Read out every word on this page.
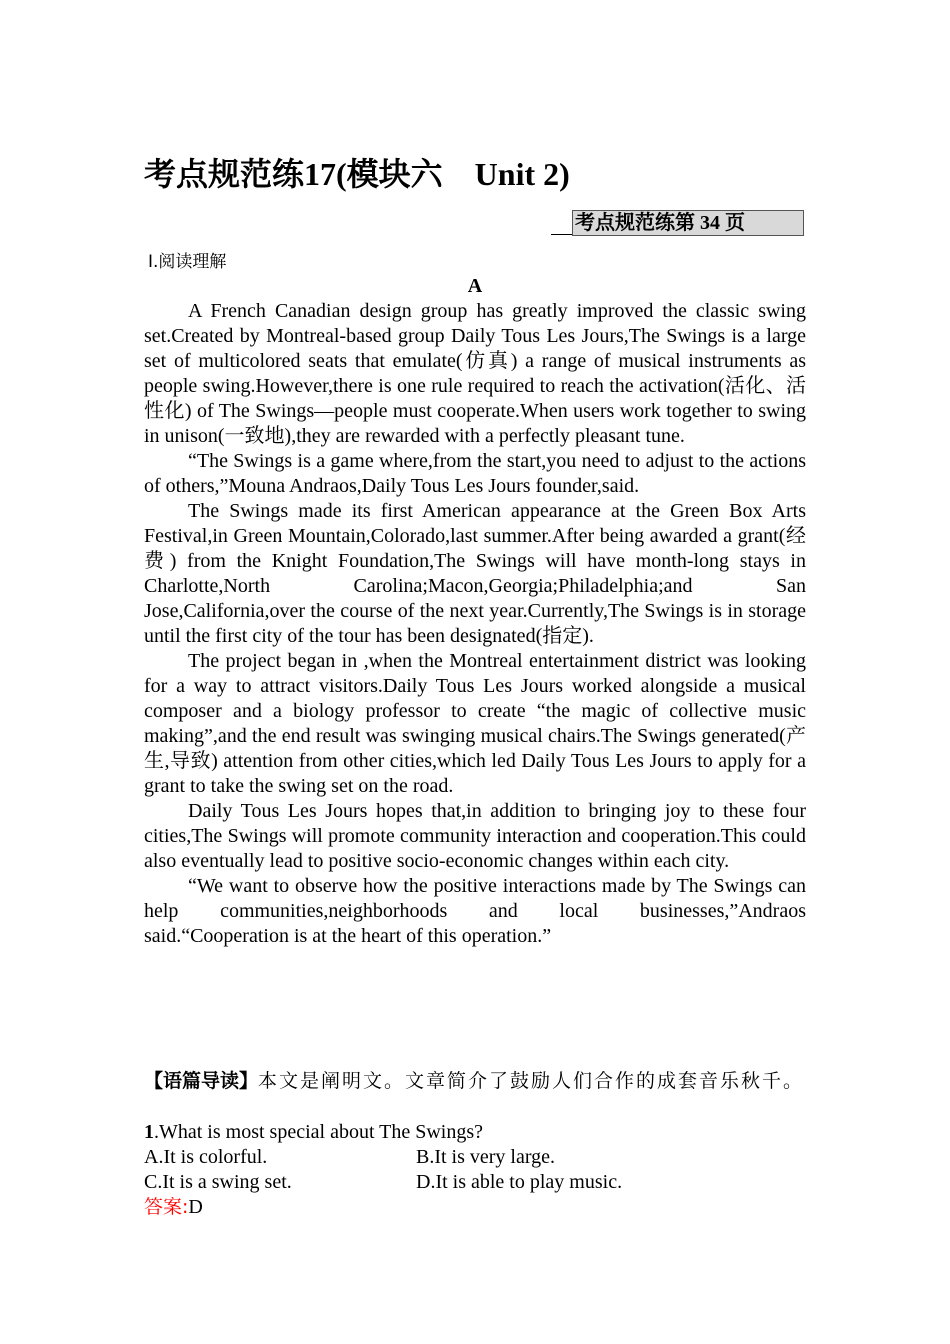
考点规范练17(模块六　Unit 2)
考点规范练第 34 页
Ⅰ.阅读理解
A

A French Canadian design group has greatly improved the classic swing set.Created by Montreal-based group Daily Tous Les Jours,The Swings is a large set of multicolored seats that emulate(仿真) a range of musical instruments as people swing.However,there is one rule required to reach the activation(活化、活性化) of The Swings—people must cooperate.When users work together to swing in unison(一致地),they are rewarded with a perfectly pleasant tune.

“The Swings is a game where,from the start,you need to adjust to the actions of others,”Mouna Andraos,Daily Tous Les Jours founder,said.

The Swings made its first American appearance at the Green Box Arts Festival,in Green Mountain,Colorado,last summer.After being awarded a grant(经费) from the Knight Foundation,The Swings will have month-long stays in Charlotte,North Carolina;Macon,Georgia;Philadelphia;and San Jose,California,over the course of the next year.Currently,The Swings is in storage until the first city of the tour has been designated(指定).

The project began in ,when the Montreal entertainment district was looking for a way to attract visitors.Daily Tous Les Jours worked alongside a musical composer and a biology professor to create “the magic of collective music making”,and the end result was swinging musical chairs.The Swings generated(产生,导致) attention from other cities,which led Daily Tous Les Jours to apply for a grant to take the swing set on the road.

Daily Tous Les Jours hopes that,in addition to bringing joy to these four cities,The Swings will promote community interaction and cooperation.This could also eventually lead to positive socio-economic changes within each city.

“We want to observe how the positive interactions made by The Swings can help communities,neighborhoods and local businesses,”Andraos said.“Cooperation is at the heart of this operation.”

【语篇导读】本文是阐明文。文章简介了鼓励人们合作的成套音乐秋千。
1.What is most special about The Swings?
A.It is colorful.	B.It is very large.
C.It is a swing set.	D.It is able to play music.
答案:D
